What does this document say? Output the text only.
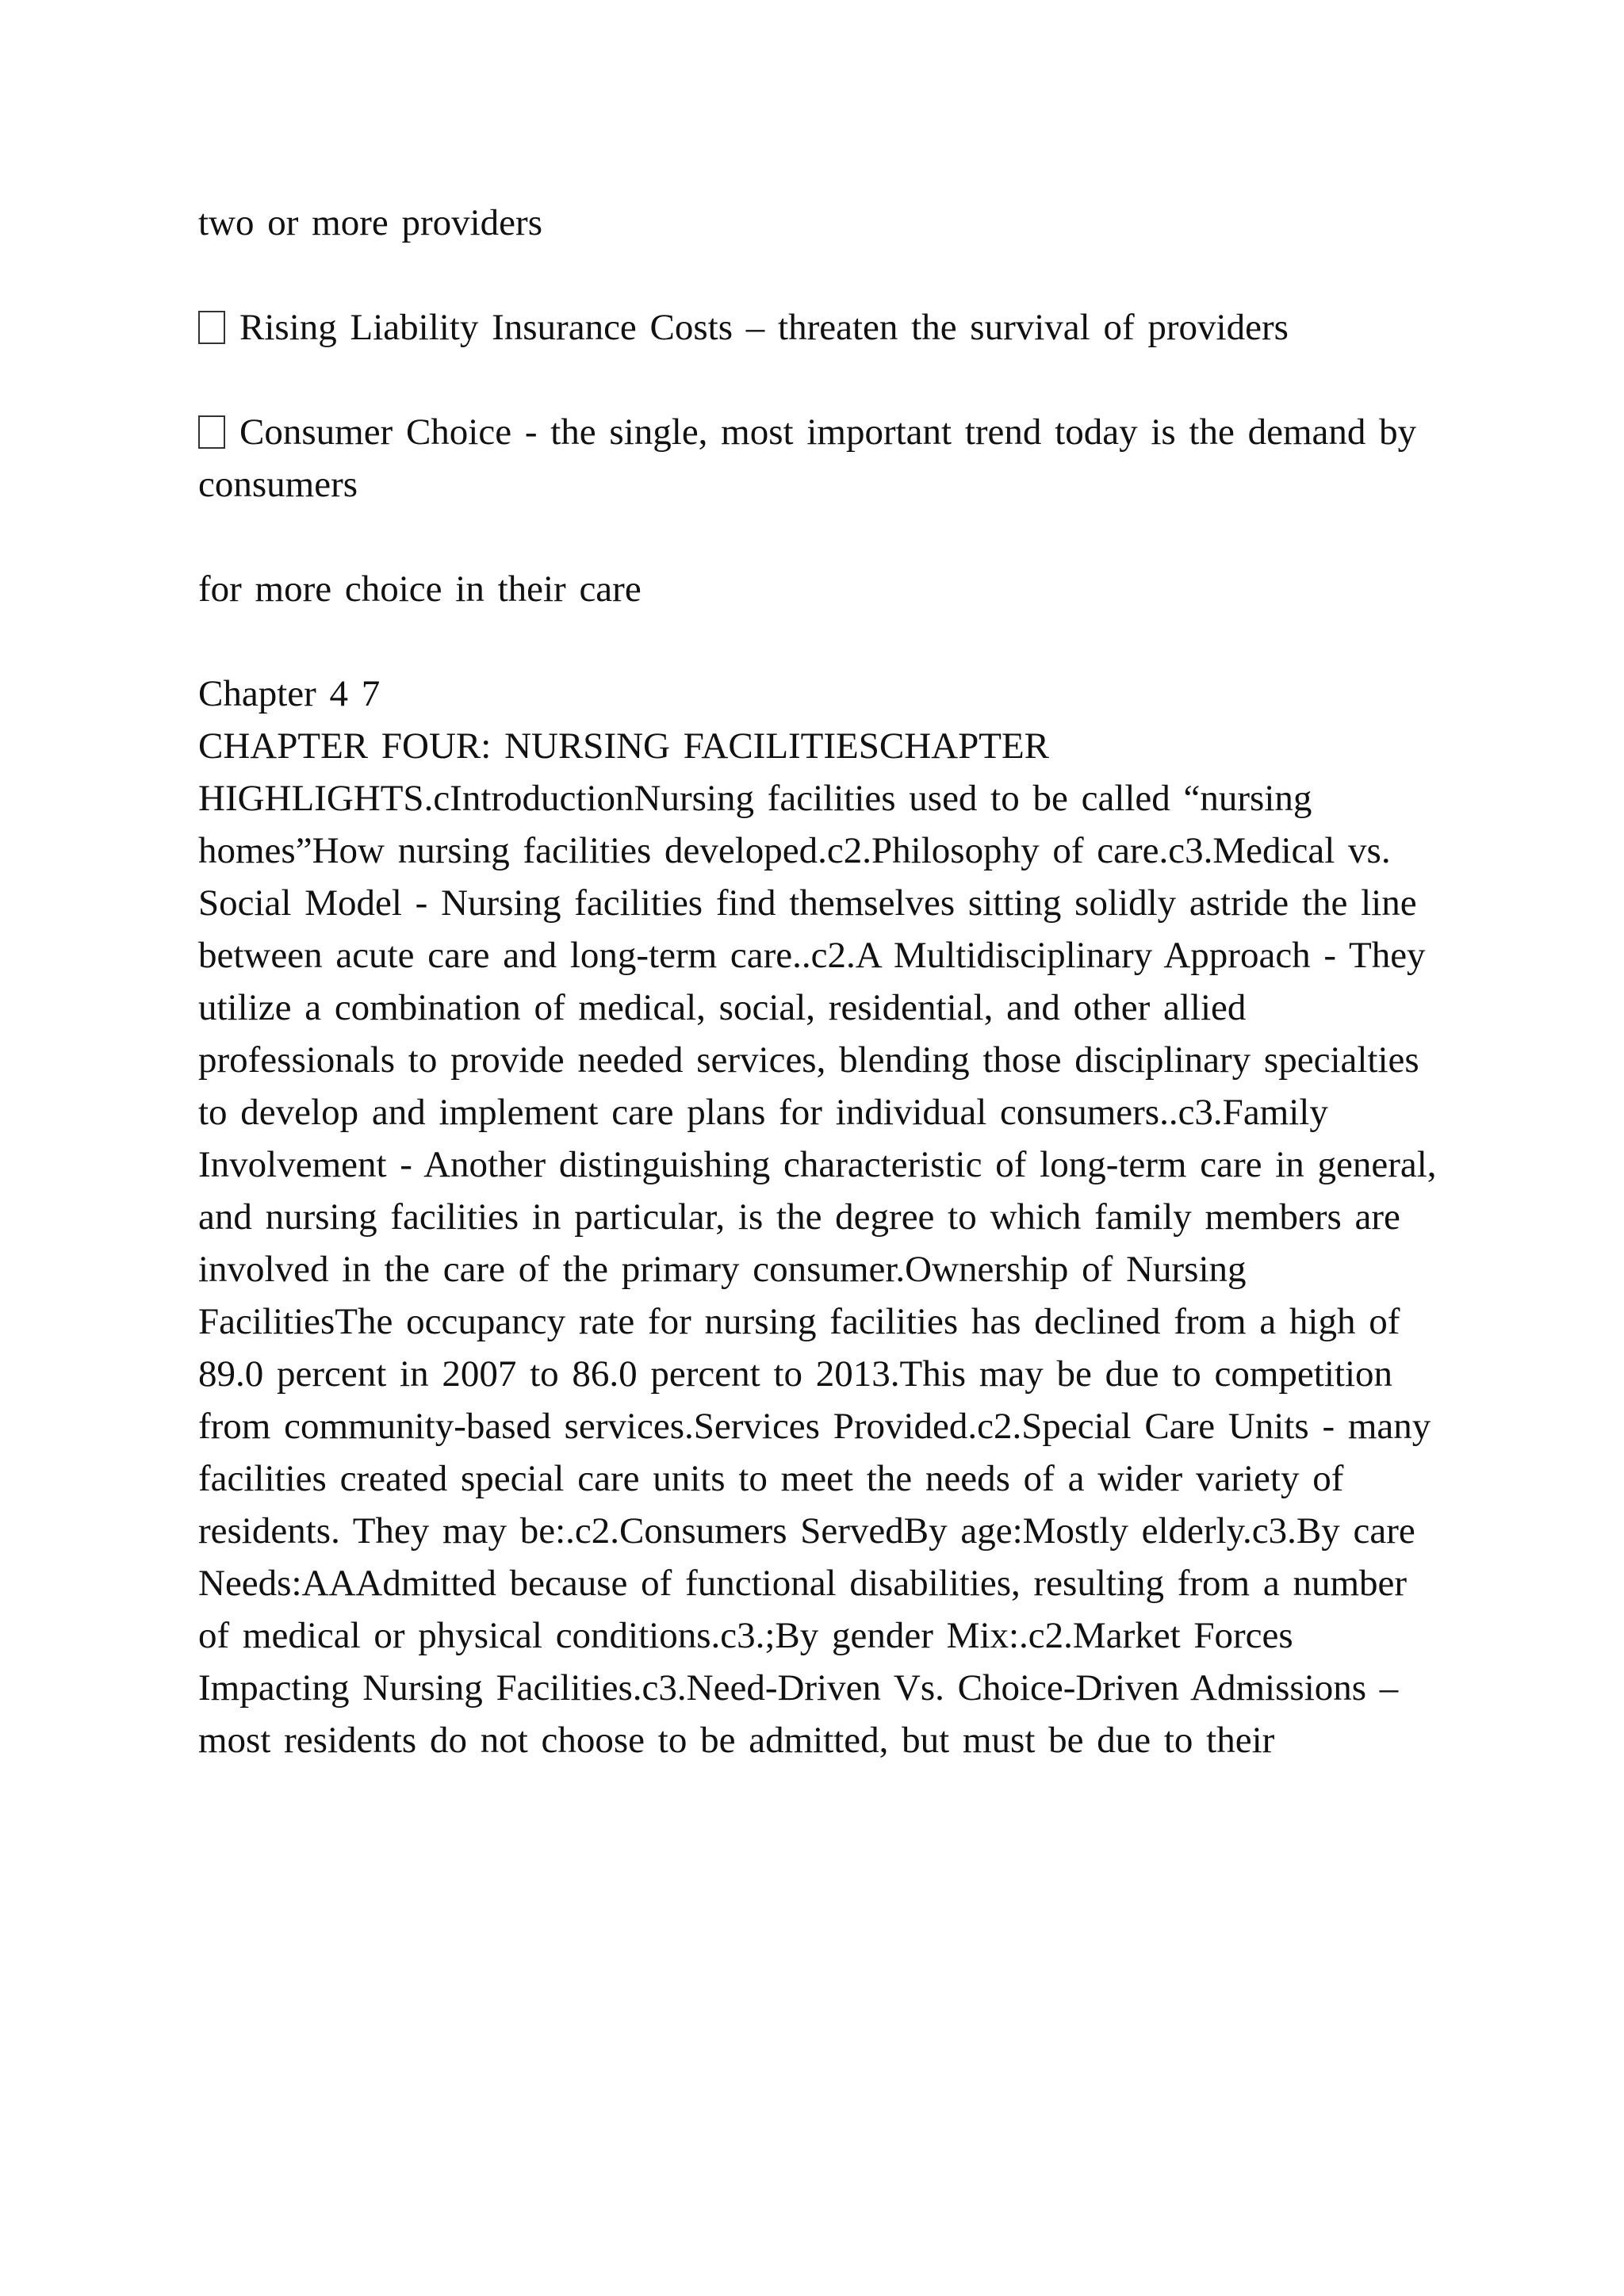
two or more providers

Rising Liability Insurance Costs – threaten the survival of providers

Consumer Choice - the single, most important trend today is the demand by consumers

for more choice in their care

Chapter 4 7

CHAPTER FOUR: NURSING FACILITIESCHAPTER HIGHLIGHTS.cIntroductionNursing facilities used to be called “nursing homes”How nursing facilities developed.c2.Philosophy of care.c3.Medical vs. Social Model - Nursing facilities find themselves sitting solidly astride the line between acute care and long-term care..c2.A Multidisciplinary Approach - They utilize a combination of medical, social, residential, and other allied professionals to provide needed services, blending those disciplinary specialties to develop and implement care plans for individual consumers..c3.Family Involvement - Another distinguishing characteristic of long-term care in general, and nursing facilities in particular, is the degree to which family members are involved in the care of the primary consumer.Ownership of Nursing FacilitiesThe occupancy rate for nursing facilities has declined from a high of 89.0 percent in 2007 to 86.0 percent to 2013.This may be due to competition from community-based services.Services Provided.c2.Special Care Units - many facilities created special care units to meet the needs of a wider variety of residents. They may be:.c2.Consumers ServedBy age:Mostly elderly.c3.By care Needs:AAAdmitted because of functional disabilities, resulting from a number of medical or physical conditions.c3.;By gender Mix:.c2.Market Forces Impacting Nursing Facilities.c3.Need-Driven Vs. Choice-Driven Admissions – most residents do not choose to be admitted, but must be due to their
